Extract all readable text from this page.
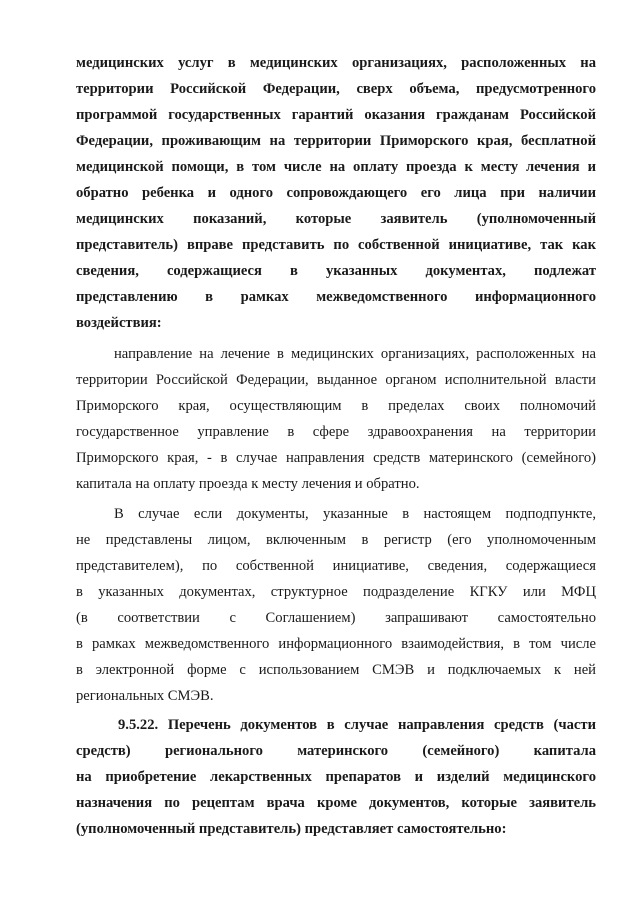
медицинских услуг в медицинских организациях, расположенных на
территории Российской Федерации, сверх объема, предусмотренного
программой государственных гарантий оказания гражданам Российской
Федерации, проживающим на территории Приморского края, бесплатной
медицинской помощи, в том числе на оплату проезда к месту лечения и
обратно ребенка и одного сопровождающего его лица при наличии
медицинских показаний, которые заявитель (уполномоченный
представитель) вправе представить по собственной инициативе, так как
сведения, содержащиеся в указанных документах, подлежат
представлению в рамках межведомственного информационного
воздействия:
направление на лечение в медицинских организациях, расположенных на
территории Российской Федерации, выданное органом исполнительной власти
Приморского края, осуществляющим в пределах своих полномочий
государственное управление в сфере здравоохранения на территории
Приморского края, - в случае направления средств материнского (семейного)
капитала на оплату проезда к месту лечения и обратно.
В случае если документы, указанные в настоящем подподпункте,
не представлены лицом, включенным в регистр (его уполномоченным
представителем), по собственной инициативе, сведения, содержащиеся
в указанных документах, структурное подразделение КГКУ или МФЦ
(в соответствии с Соглашением) запрашивают самостоятельно
в рамках межведомственного информационного взаимодействия, в том числе
в электронной форме с использованием СМЭВ и подключаемых к ней
региональных СМЭВ.
9.5.22. Перечень документов в случае направления средств (части
средств) регионального материнского (семейного) капитала
на приобретение лекарственных препаратов и изделий медицинского
назначения по рецептам врача кроме документов, которые заявитель
(уполномоченный представитель) представляет самостоятельно:
